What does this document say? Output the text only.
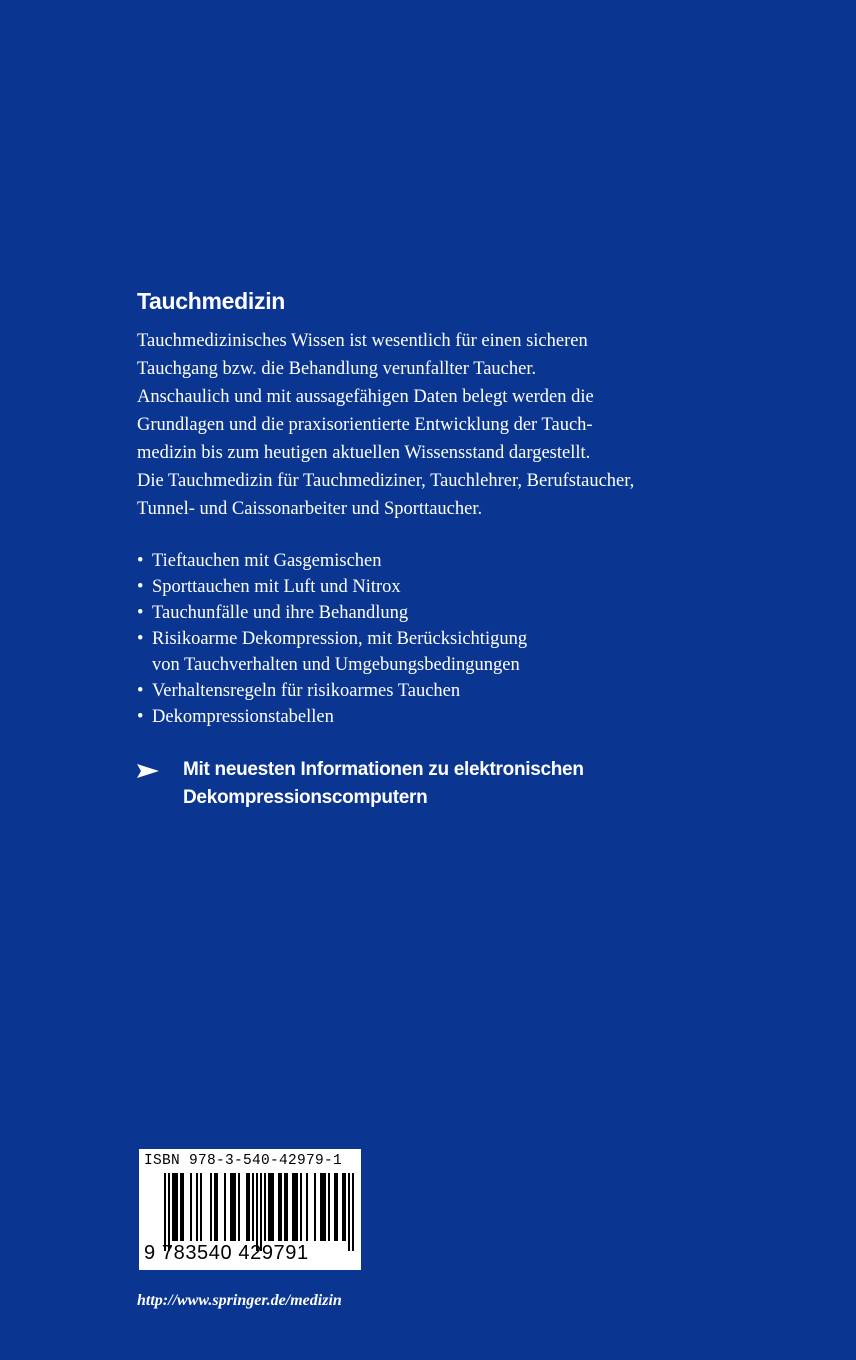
Tauchmedizin
Tauchmedizinisches Wissen ist wesentlich für einen sicheren
Tauchgang bzw. die Behandlung verunfallter Taucher.
Anschaulich und mit aussagefähigen Daten belegt werden die
Grundlagen und die praxisorientierte Entwicklung der Tauch-
medizin bis zum heutigen aktuellen Wissensstand dargestellt.
Die Tauchmedizin für Tauchmediziner, Tauchlehrer, Berufstaucher,
Tunnel- und Caissonarbeiter und Sporttaucher.
• Tieftauchen mit Gasgemischen
• Sporttauchen mit Luft und Nitrox
• Tauchunfälle und ihre Behandlung
• Risikoarme Dekompression, mit Berücksichtigung
von Tauchverhalten und Umgebungsbedingungen
• Verhaltensregeln für risikoarmes Tauchen
• Dekompressionstabellen
Mit neuesten Informationen zu elektronischen
Dekompressionscomputern
ISBN 978-3-540-42979-1
9 783540 429791
http://www.springer.de/medizin
